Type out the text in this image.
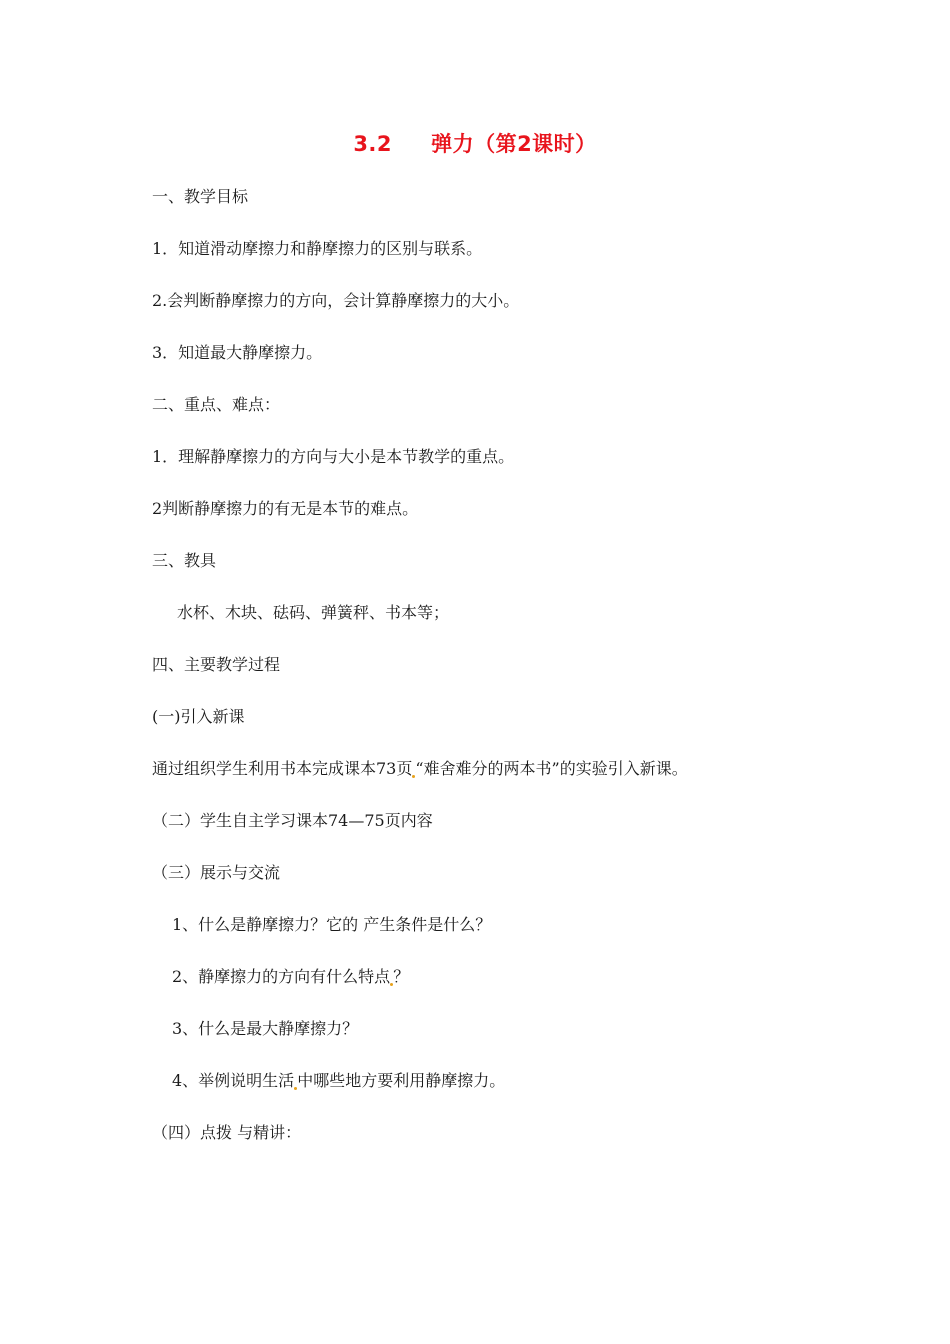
3.2     弹力（第2课时）
一、教学目标
1．知道滑动摩擦力和静摩擦力的区别与联系。
2.会判断静摩擦力的方向，会计算静摩擦力的大小。
3．知道最大静摩擦力。
二、重点、难点：
1．理解静摩擦力的方向与大小是本节教学的重点。
2判断静摩擦力的有无是本节的难点。
三、教具
水杯、木块、砝码、弹簧秤、书本等；
四、主要教学过程
(一)引入新课
通过组织学生利用书本完成课本73页 “难舍难分的两本书”的实验引入新课。
（二）学生自主学习课本74—75页内容
（三）展示与交流
1、什么是静摩擦力？它的 产生条件是什么？
2、静摩擦力的方向有什么特点 ？
3、什么是最大静摩擦力？
4、举例说明生活 中哪些地方要利用静摩擦力。
（四）点拨 与精讲：
